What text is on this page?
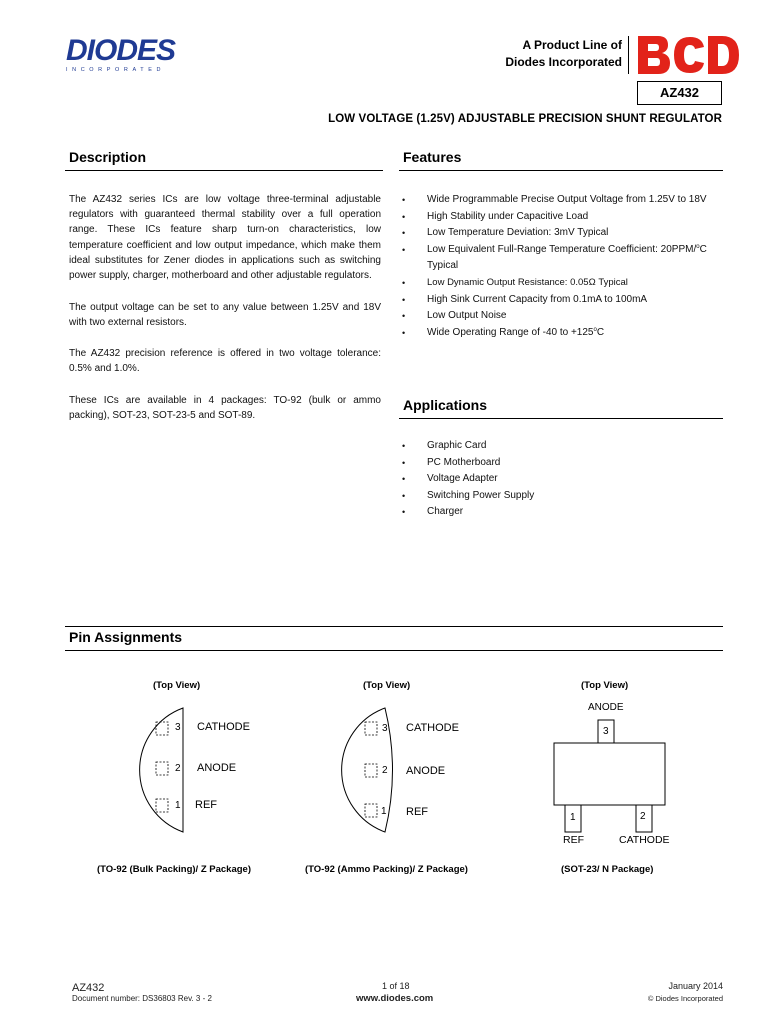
DIODES
INCORPORATED
A Product Line of
Diodes Incorporated
AZ432
LOW VOLTAGE (1.25V) ADJUSTABLE PRECISION SHUNT REGULATOR
Description
The AZ432 series ICs are low voltage three-terminal adjustable regulators with guaranteed thermal stability over a full operation range. These ICs feature sharp turn-on characteristics, low temperature coefficient and low output impedance, which make them ideal substitutes for Zener diodes in applications such as switching power supply, charger, motherboard and other adjustable regulators.
The output voltage can be set to any value between 1.25V and 18V with two external resistors.
The AZ432 precision reference is offered in two voltage tolerance: 0.5% and 1.0%.
These ICs are available in 4 packages: TO-92 (bulk or ammo packing), SOT-23, SOT-23-5 and SOT-89.
Features
• Wide Programmable Precise Output Voltage from 1.25V to 18V
• High Stability under Capacitive Load
• Low Temperature Deviation: 3mV Typical
• Low Equivalent Full-Range Temperature Coefficient: 20PPM/$^o$C
Typical
• Low Dynamic Output Resistance: 0.05Ω Typical
• High Sink Current Capacity from 0.1mA to 100mA
• Low Output Noise
• Wide Operating Range of -40 to $+125^oC$
Applications
• Graphic Card
• PC Motherboard
• Voltage Adapter
• Switching Power Supply
• Charger
Pin Assignments
(Top View)	(Top View)	(Top View)
3
2
1
CATHODE
ANODE
REF
(TO-92 (Bulk Packing)/ Z Package)
3
2
1
CATHODE
ANODE
REF
(TO-92 (Ammo Packing)/ Z Package)
ANODE
3
1	2
REF	CATHODE
(SOT-23/ N Package)
AZ432
Document number: DS36803 Rev. 3 - 2
1 of 18
www.diodes.com
January 2014
© Diodes Incorporated
